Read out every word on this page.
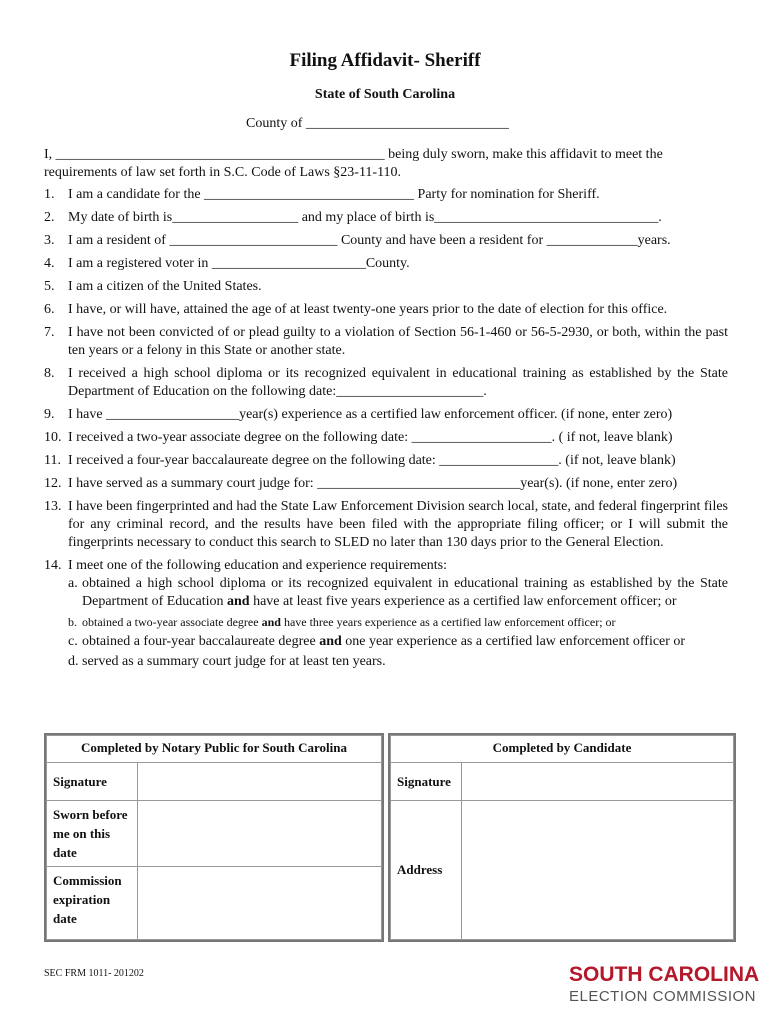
Filing Affidavit- Sheriff
State of South Carolina
County of _____________________________

I, _______________________________________________ being duly sworn, make this affidavit to meet the

requirements of law set forth in S.C. Code of Laws §23-11-110.

1. I am a candidate for the ______________________________ Party for nomination for Sheriff.
2. My date of birth is__________________ and my place of birth is________________________________.
3. I am a resident of ________________________ County and have been a resident for _____________years.
4. I am a registered voter in ______________________County.
5. I am a citizen of the United States.
6. I have, or will have, attained the age of at least twenty-one years prior to the date of election for this office.
7. I have not been convicted of or plead guilty to a violation of Section 56-1-460 or 56-5-2930, or both, within the past ten years or a felony in this State or another state.
8. I received a high school diploma or its recognized equivalent in educational training as established by the State Department of Education on the following date:_____________________.
9. I have ___________________year(s) experience as a certified law enforcement officer. (if none, enter zero)
10. I received a two-year associate degree on the following date: ____________________. ( if not, leave blank)
11. I received a four-year baccalaureate degree on the following date: _________________. (if not, leave blank)
12. I have served as a summary court judge for: _____________________________year(s). (if none, enter zero)
13. I have been fingerprinted and had the State Law Enforcement Division search local, state, and federal fingerprint files for any criminal record, and the results have been filed with the appropriate filing officer; or I will submit the fingerprints necessary to conduct this search to SLED no later than 130 days prior to the General Election.
14. I meet one of the following education and experience requirements:
a. obtained a high school diploma or its recognized equivalent in educational training as established by the State Department of Education and have at least five years experience as a certified law enforcement officer; or
b. obtained a two-year associate degree and have three years experience as a certified law enforcement officer; or
c. obtained a four-year baccalaureate degree and one year experience as a certified law enforcement officer or
d. served as a summary court judge for at least ten years.
Completed by Notary Public for South Carolina	
Signature	
Sworn before me on this date	
Commission expiration date	
Completed by Candidate	
Signature	
Address	
SEC FRM 1011- 201202	SOUTH CAROLINA
ELECTION COMMISSION
